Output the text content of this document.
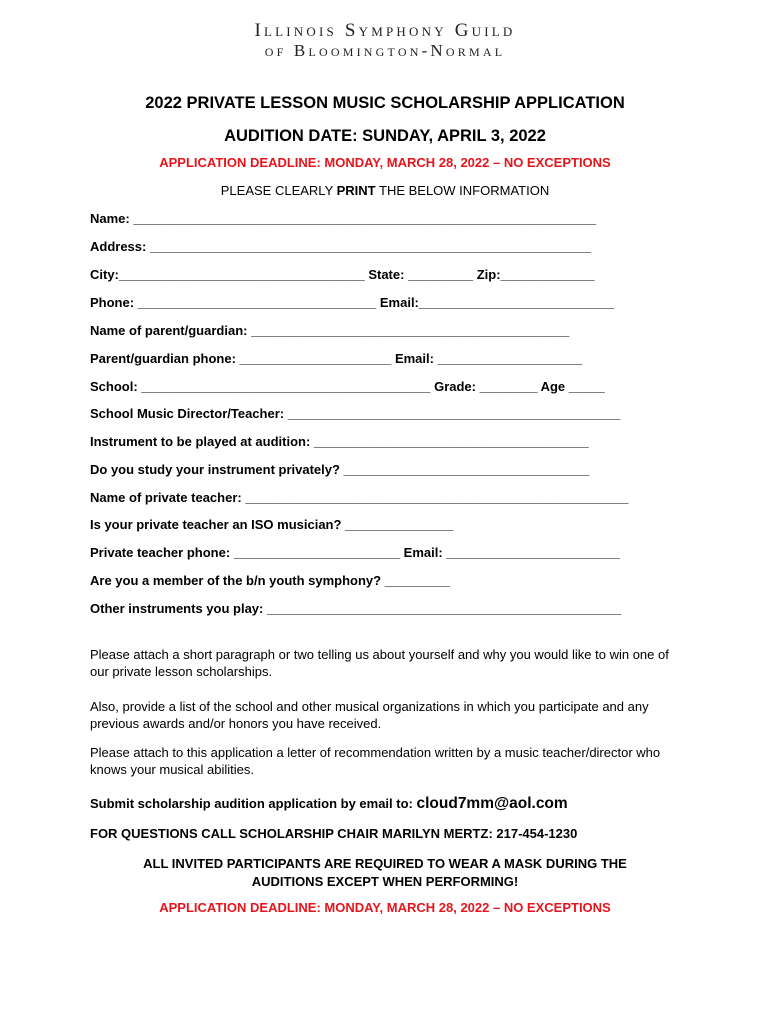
Illinois Symphony Guild
of Bloomington-Normal
2022 PRIVATE LESSON MUSIC SCHOLARSHIP APPLICATION
AUDITION DATE: SUNDAY, APRIL 3, 2022
APPLICATION DEADLINE: MONDAY, MARCH 28, 2022 – NO EXCEPTIONS
PLEASE CLEARLY PRINT THE BELOW INFORMATION
Name: ________________________________________________________________
Address: _____________________________________________________________
City:__________________________________ State: _________ Zip:_____________
Phone: _________________________________ Email:___________________________
Name of parent/guardian: ____________________________________________
Parent/guardian phone: _____________________ Email: ____________________
School: ________________________________________ Grade: ________ Age _____
School Music Director/Teacher: ______________________________________________
Instrument to be played at audition: ______________________________________
Do you study your instrument privately? __________________________________
Name of private teacher: _____________________________________________________
Is your private teacher an ISO musician? _______________
Private teacher phone: _______________________ Email: ________________________
Are you a member of the b/n youth symphony? _________
Other instruments you play: _________________________________________________
Please attach a short paragraph or two telling us about yourself and why you would like to win one of our private lesson scholarships.
Also, provide a list of the school and other musical organizations in which you participate and any previous awards and/or honors you have received.
Please attach to this application a letter of recommendation written by a music teacher/director who knows your musical abilities.
Submit scholarship audition application by email to: cloud7mm@aol.com
FOR QUESTIONS CALL SCHOLARSHIP CHAIR MARILYN MERTZ: 217-454-1230
ALL INVITED PARTICIPANTS ARE REQUIRED TO WEAR A MASK DURING THE
AUDITIONS EXCEPT WHEN PERFORMING!
APPLICATION DEADLINE: MONDAY, MARCH 28, 2022 – NO EXCEPTIONS
